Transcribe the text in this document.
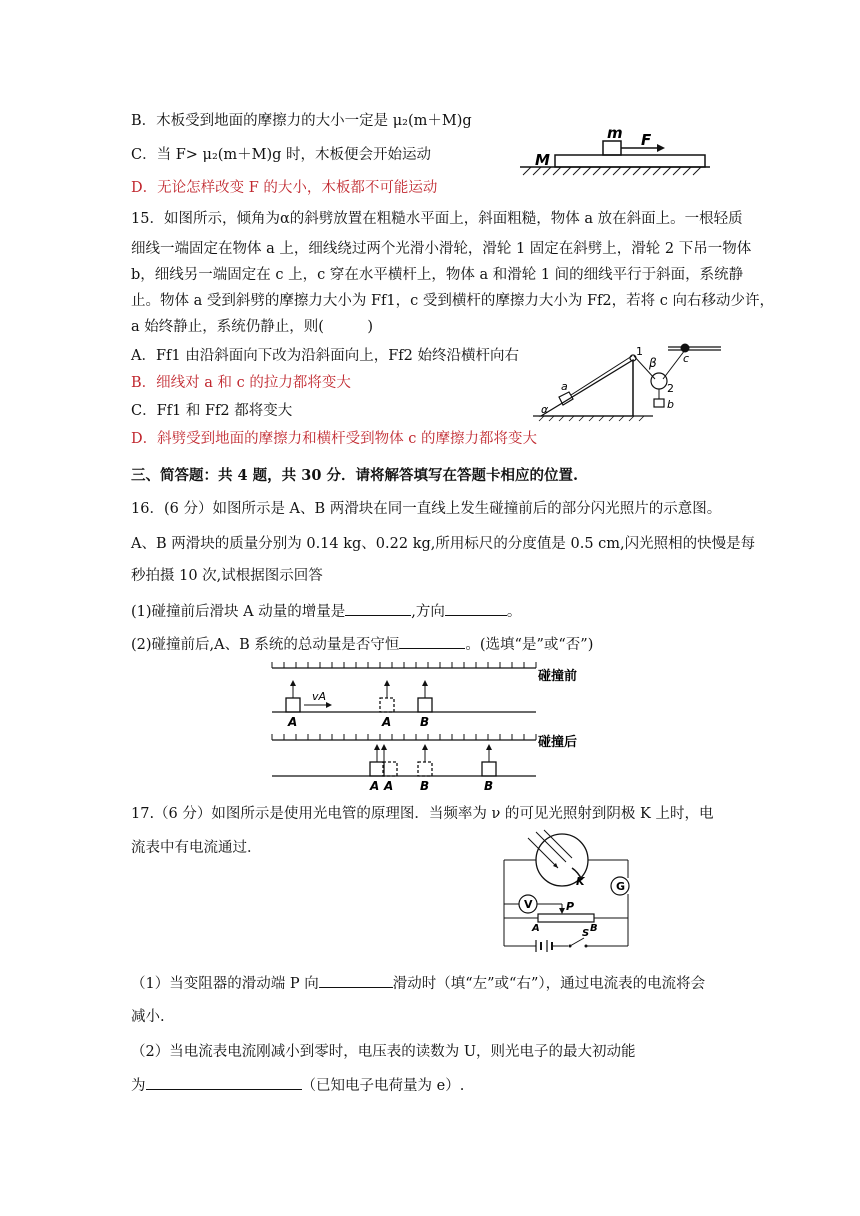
B．木板受到地面的摩擦力的大小一定是 μ₂(m＋M)g
C．当 F> μ₂(m＋M)g 时，木板便会开始运动
D．无论怎样改变 F 的大小，木板都不可能运动
m F
M
15．如图所示，倾角为α的斜劈放置在粗糙水平面上，斜面粗糙，物体 a 放在斜面上。一根轻质
细线一端固定在物体 a 上，细线绕过两个光滑小滑轮，滑轮 1 固定在斜劈上，滑轮 2 下吊一物体
b，细线另一端固定在 c 上，c 穿在水平横杆上，物体 a 和滑轮 1 间的细线平行于斜面，系统静
止。物体 a 受到斜劈的摩擦力大小为 Ff1，c 受到横杆的摩擦力大小为 Ff2，若将 c 向右移动少许，
a 始终静止，系统仍静止，则(　　　)
A．Ff1 由沿斜面向下改为沿斜面向上，Ff2 始终沿横杆向右
B．细线对 a 和 c 的拉力都将变大
C．Ff1 和 Ff2 都将变大
D．斜劈受到地面的摩擦力和横杆受到物体 c 的摩擦力都将变大
1
β c
2
a
b
α
三、简答题：共 4 题，共 30 分．请将解答填写在答题卡相应的位置.
16．(6 分）如图所示是 A、B 两滑块在同一直线上发生碰撞前后的部分闪光照片的示意图。
A、B 两滑块的质量分别为 0.14 kg、0.22 kg,所用标尺的分度值是 0.5 cm,闪光照相的快慢是每
秒拍摄 10 次,试根据图示回答
(1)碰撞前后滑块 A 动量的增量是	,方向	。
(2)碰撞前后,A、B 系统的总动量是否守恒	。(选填“是”或“否”)
碰撞前
vA
A	A B
碰撞后
A A B	B
17.（6 分）如图所示是使用光电管的原理图．当频率为 ν 的可见光照射到阴极 K 上时，电
流表中有电流通过．
K	G
V	P
A	B
S
（1）当变阻器的滑动端 P 向	滑动时（填“左”或“右”），通过电流表的电流将会
减小.
（2）当电流表电流刚减小到零时，电压表的读数为 U，则光电子的最大初动能
为	（已知电子电荷量为 e）.
